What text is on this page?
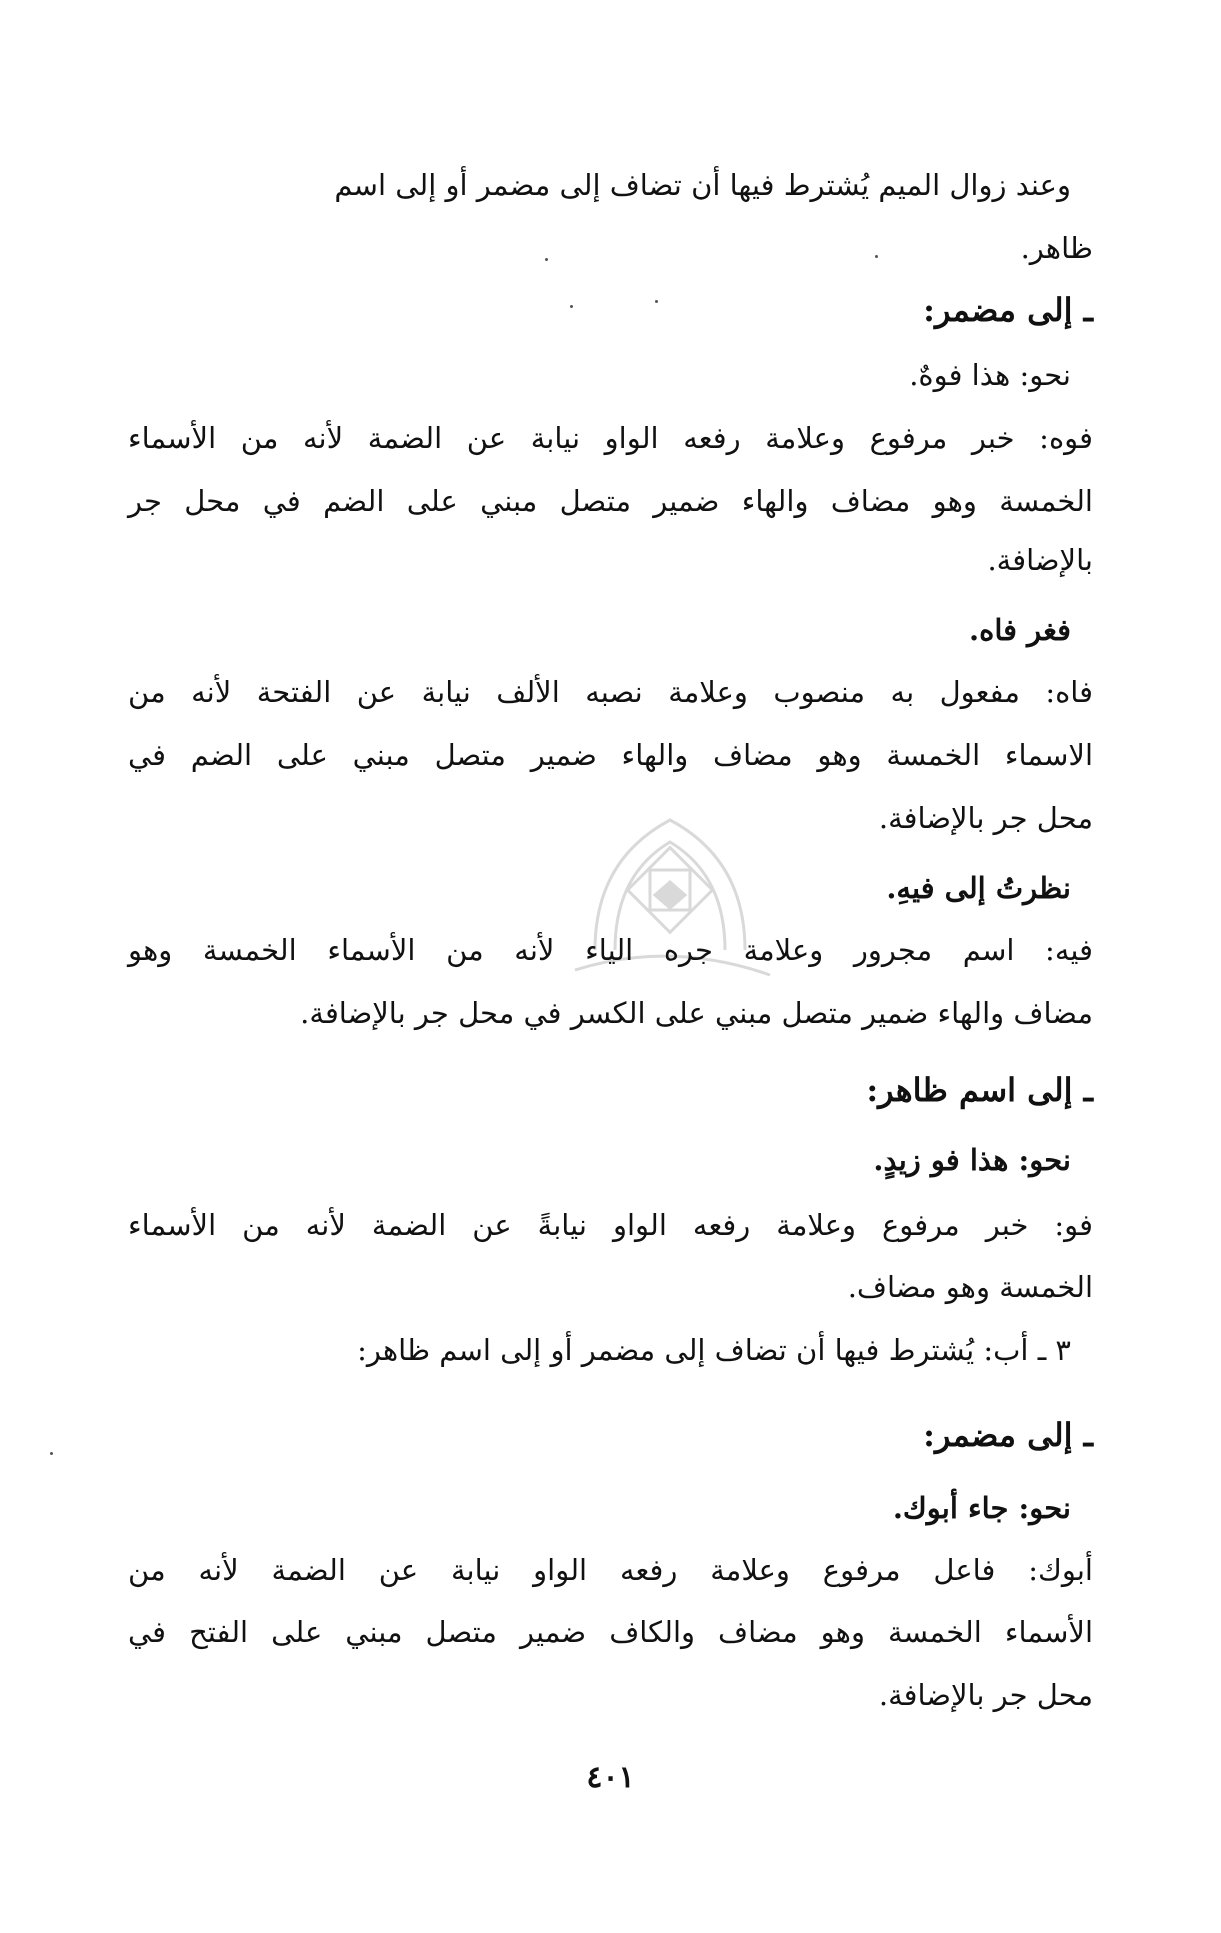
وعند زوال الميم يُشترط فيها أن تضاف إلى مضمر أو إلى اسم
ظاهر.
ـ إلى مضمر:
نحو: هذا فوهٌ.
فوه: خبر مرفوع وعلامة رفعه الواو نيابة عن الضمة لأنه من الأسماء
الخمسة وهو مضاف والهاء ضمير متصل مبني على الضم في محل جر
بالإضافة.
فغر فاه.
فاه: مفعول به منصوب وعلامة نصبه الألف نيابة عن الفتحة لأنه من
الاسماء الخمسة وهو مضاف والهاء ضمير متصل مبني على الضم في
محل جر بالإضافة.
نظرتُ إلى فيهِ.
فيه: اسم مجرور وعلامة جره الياء لأنه من الأسماء الخمسة وهو
مضاف والهاء ضمير متصل مبني على الكسر في محل جر بالإضافة.
ـ إلى اسم ظاهر:
نحو: هذا فو زيدٍ.
فو: خبر مرفوع وعلامة رفعه الواو نيابةً عن الضمة لأنه من الأسماء
الخمسة وهو مضاف.
٣ ـ أب: يُشترط فيها أن تضاف إلى مضمر أو إلى اسم ظاهر:
ـ إلى مضمر:
نحو: جاء أبوك.
أبوك: فاعل مرفوع وعلامة رفعه الواو نيابة عن الضمة لأنه من
الأسماء الخمسة وهو مضاف والكاف ضمير متصل مبني على الفتح في
محل جر بالإضافة.
٤٠١
